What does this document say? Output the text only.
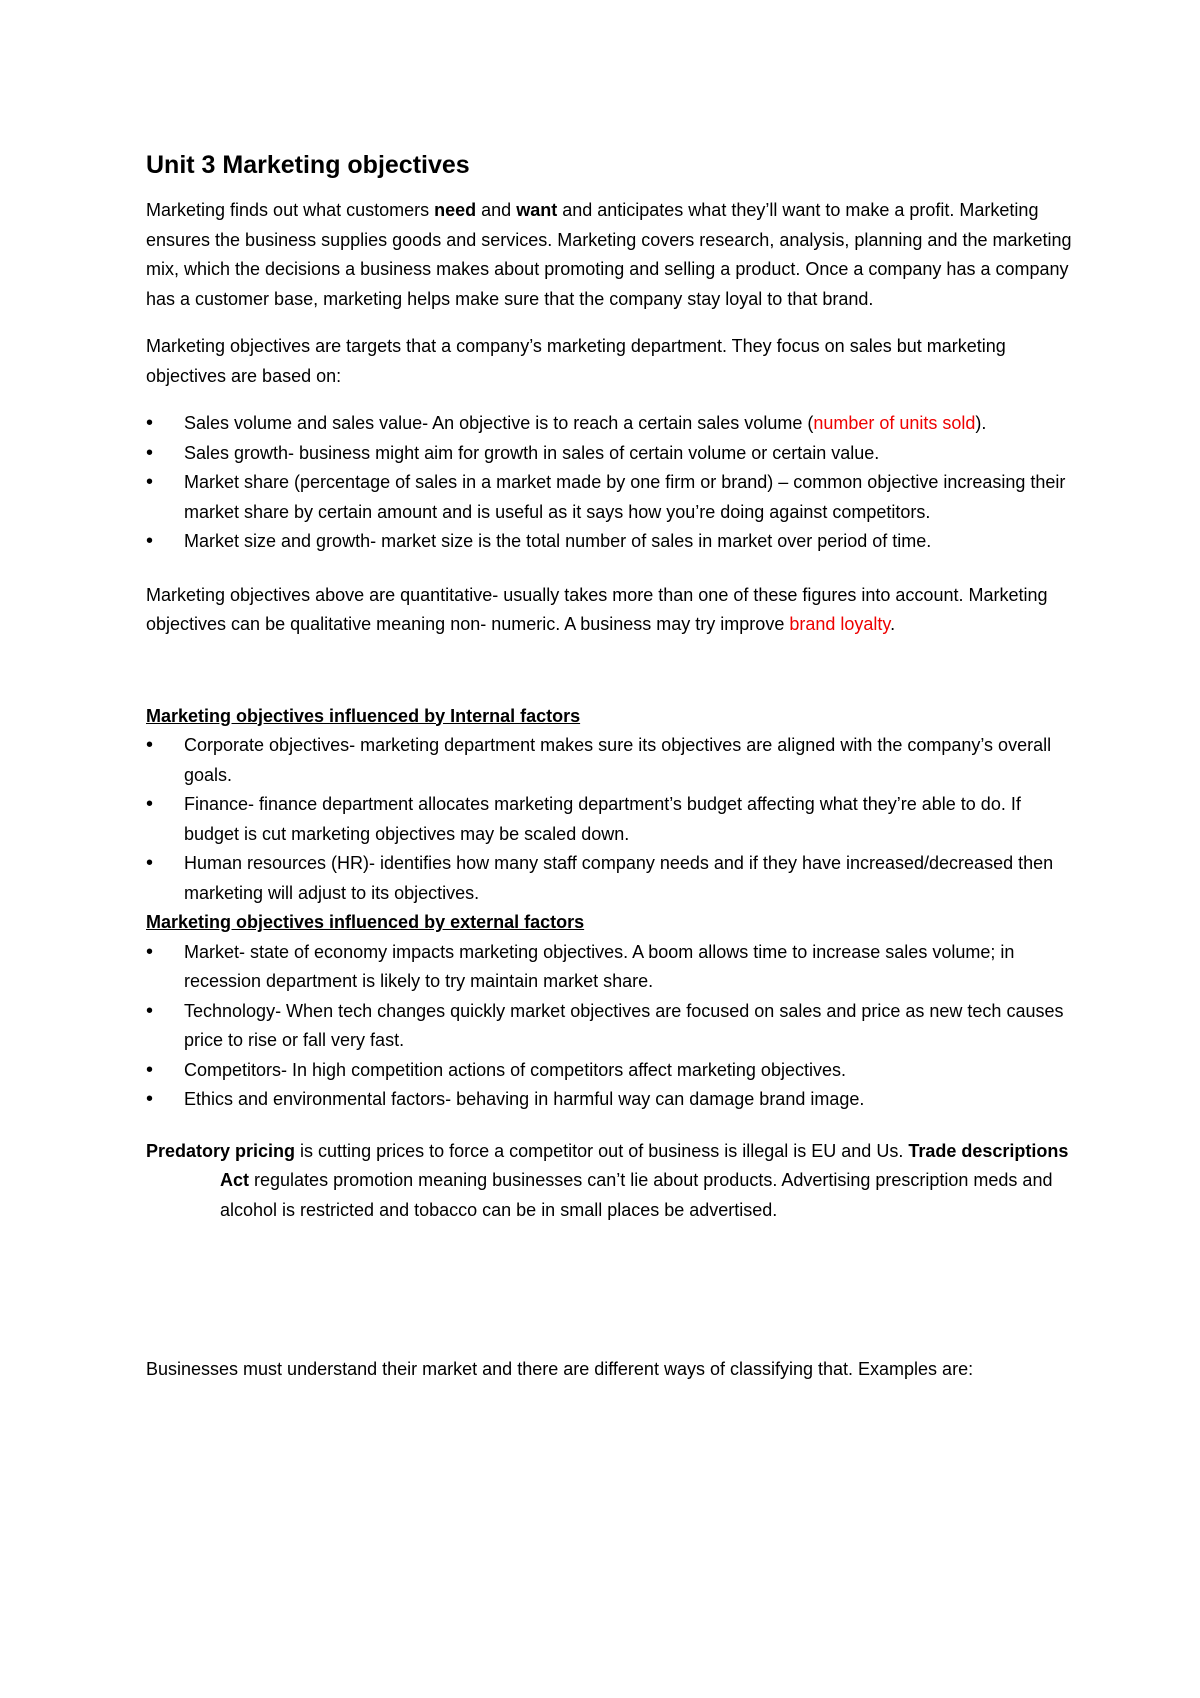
Unit 3 Marketing objectives

Marketing finds out what customers need and want and anticipates what they’ll want to make a profit. Marketing ensures the business supplies goods and services. Marketing covers research, analysis, planning and the marketing mix, which the decisions a business makes about promoting and selling a product. Once a company has a company has a customer base, marketing helps make sure that the company stay loyal to that brand.

Marketing objectives are targets that a company’s marketing department. They focus on sales but marketing objectives are based on:

• Sales volume and sales value- An objective is to reach a certain sales volume (number of units sold).
• Sales growth- business might aim for growth in sales of certain volume or certain value.
• Market share (percentage of sales in a market made by one firm or brand) – common objective increasing their market share by certain amount and is useful as it says how you’re doing against competitors.
• Market size and growth- market size is the total number of sales in market over period of time.

Marketing objectives above are quantitative- usually takes more than one of these figures into account. Marketing objectives can be qualitative meaning non- numeric. A business may try improve brand loyalty.

Marketing objectives influenced by Internal factors
• Corporate objectives- marketing department makes sure its objectives are aligned with the company’s overall goals.
• Finance- finance department allocates marketing department’s budget affecting what they’re able to do. If budget is cut marketing objectives may be scaled down.
• Human resources (HR)- identifies how many staff company needs and if they have increased/decreased then marketing will adjust to its objectives.
Marketing objectives influenced by external factors
• Market- state of economy impacts marketing objectives. A boom allows time to increase sales volume; in recession department is likely to try maintain market share.
• Technology- When tech changes quickly market objectives are focused on sales and price as new tech causes price to rise or fall very fast.
• Competitors- In high competition actions of competitors affect marketing objectives.
• Ethics and environmental factors- behaving in harmful way can damage brand image.

Predatory pricing is cutting prices to force a competitor out of business is illegal is EU and Us. Trade descriptions Act regulates promotion meaning businesses can’t lie about products. Advertising prescription meds and alcohol is restricted and tobacco can be in small places be advertised.

Businesses must understand their market and there are different ways of classifying that. Examples are:
